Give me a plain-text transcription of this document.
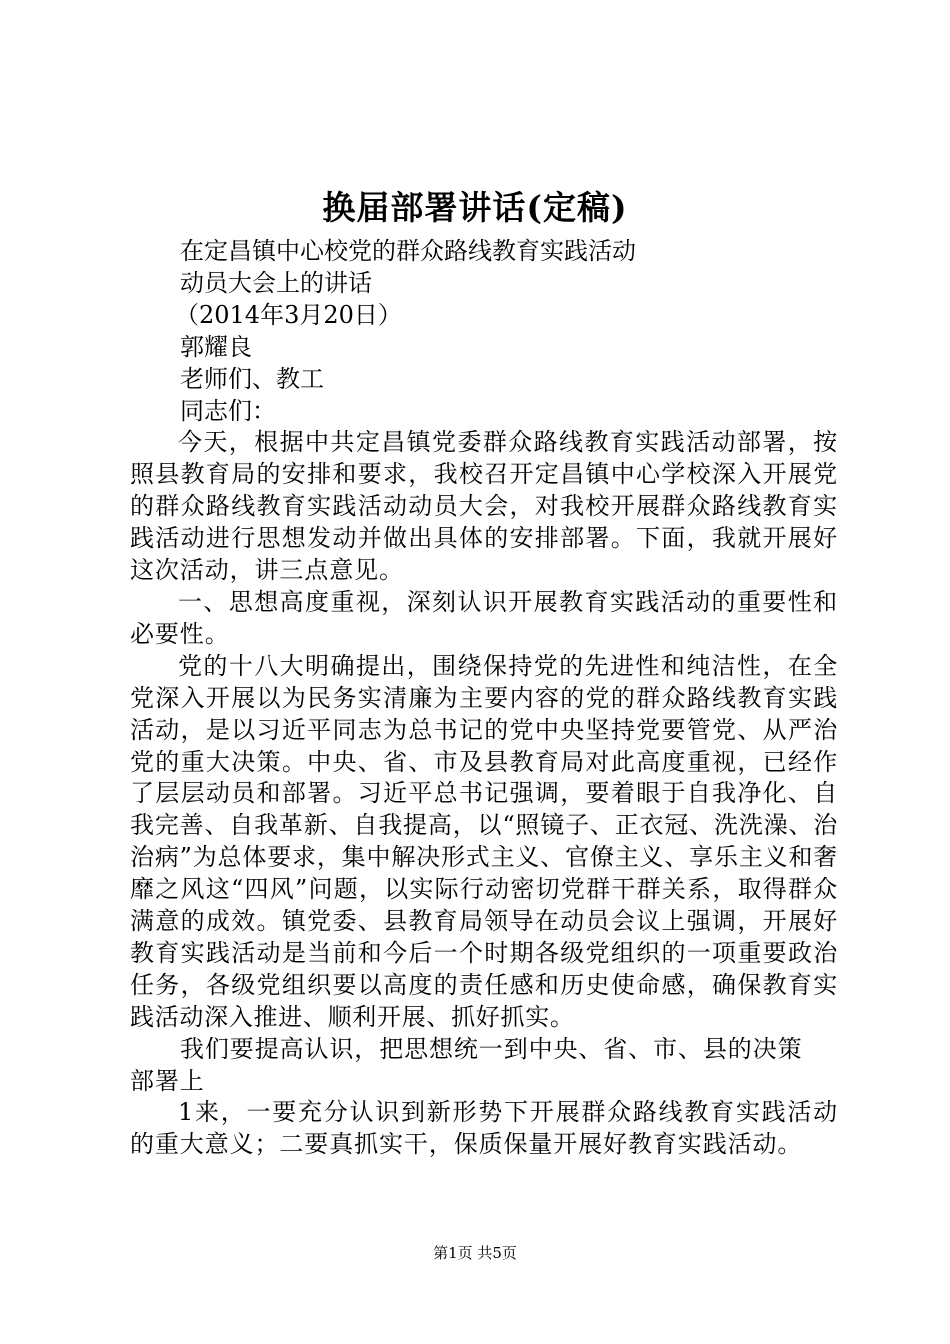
换届部署讲话(定稿)
在定昌镇中心校党的群众路线教育实践活动
动员大会上的讲话
（2014年3月20日）
郭耀良
老师们、教工
同志们：
今天，根据中共定昌镇党委群众路线教育实践活动部署，按照县教育局的安排和要求，我校召开定昌镇中心学校深入开展党的群众路线教育实践活动动员大会，对我校开展群众路线教育实践活动进行思想发动并做出具体的安排部署。下面，我就开展好这次活动，讲三点意见。
一、思想高度重视，深刻认识开展教育实践活动的重要性和必要性。
党的十八大明确提出，围绕保持党的先进性和纯洁性，在全党深入开展以为民务实清廉为主要内容的党的群众路线教育实践活动，是以习近平同志为总书记的党中央坚持党要管党、从严治党的重大决策。中央、省、市及县教育局对此高度重视，已经作了层层动员和部署。习近平总书记强调，要着眼于自我净化、自我完善、自我革新、自我提高，以“照镜子、正衣冠、洗洗澡、治治病”为总体要求，集中解决形式主义、官僚主义、享乐主义和奢靡之风这“四风”问题，以实际行动密切党群干群关系，取得群众满意的成效。镇党委、县教育局领导在动员会议上强调，开展好教育实践活动是当前和今后一个时期各级党组织的一项重要政治任务，各级党组织要以高度的责任感和历史使命感，确保教育实践活动深入推进、顺利开展、抓好抓实。
我们要提高认识，把思想统一到中央、省、市、县的决策
部署上
1来，一要充分认识到新形势下开展群众路线教育实践活动的重大意义；二要真抓实干，保质保量开展好教育实践活动。
第1页 共5页
